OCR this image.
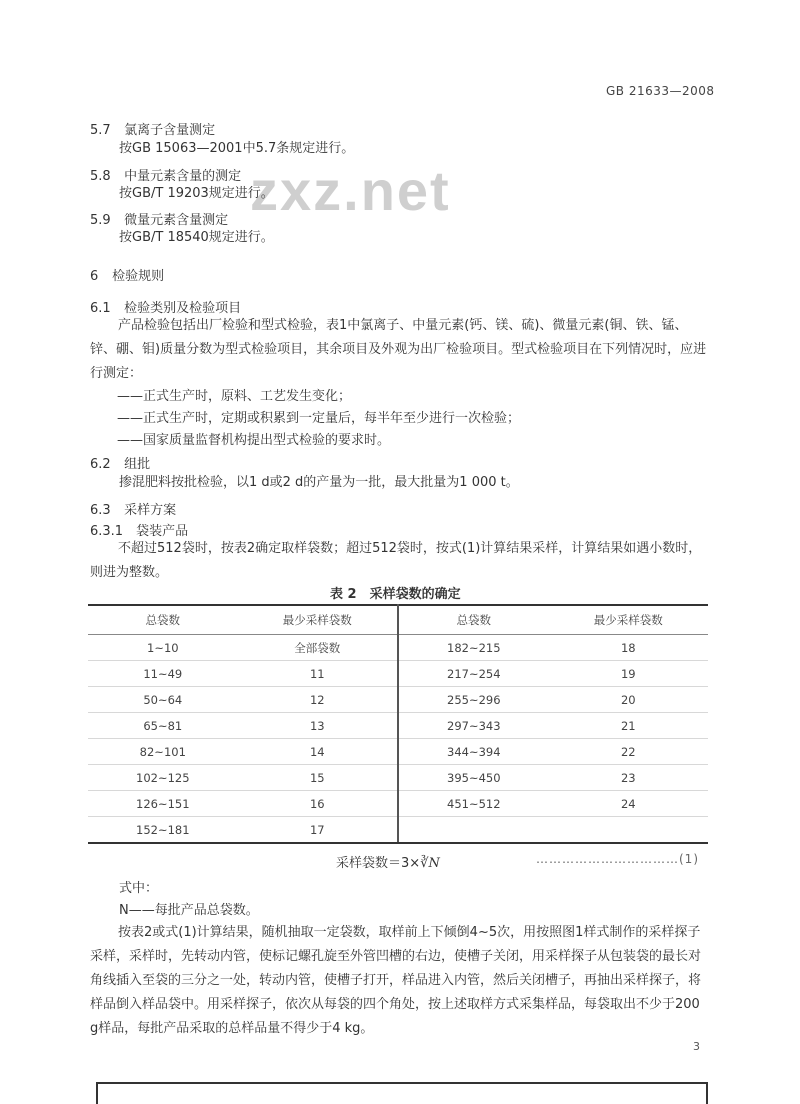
GB 21633—2008
zxz.net
5.7 氯离子含量测定
按GB 15063—2001中5.7条规定进行。
5.8 中量元素含量的测定
按GB/T 19203规定进行。
5.9 微量元素含量测定
按GB/T 18540规定进行。
6 检验规则
6.1 检验类别及检验项目
产品检验包括出厂检验和型式检验，表1中氯离子、中量元素(钙、镁、硫)、微量元素(铜、铁、锰、锌、硼、钼)质量分数为型式检验项目，其余项目及外观为出厂检验项目。型式检验项目在下列情况时，应进行测定：
——正式生产时，原料、工艺发生变化；
——正式生产时，定期或积累到一定量后，每半年至少进行一次检验；
——国家质量监督机构提出型式检验的要求时。
6.2 组批
掺混肥料按批检验，以1 d或2 d的产量为一批，最大批量为1 000 t。
6.3 采样方案
6.3.1 袋装产品
不超过512袋时，按表2确定取样袋数；超过512袋时，按式(1)计算结果采样，计算结果如遇小数时，则进为整数。
表 2　采样袋数的确定
总袋数	最少采样袋数	总袋数	最少采样袋数
1~10	全部袋数	182~215	18
11~49	11	217~254	19
50~64	12	255~296	20
65~81	13	297~343	21
82~101	14	344~394	22
102~125	15	395~450	23
126~151	16	451~512	24
152~181	17		
采样袋数＝3×∛N	……………………………(1)
式中：
N——每批产品总袋数。
按表2或式(1)计算结果，随机抽取一定袋数，取样前上下倾倒4~5次，用按照图1样式制作的采样探子采样，采样时，先转动内管，使标记螺孔旋至外管凹槽的右边，使槽子关闭，用采样探子从包装袋的最长对角线插入至袋的三分之一处，转动内管，使槽子打开，样品进入内管，然后关闭槽子，再抽出采样探子，将样品倒入样品袋中。用采样探子，依次从每袋的四个角处，按上述取样方式采集样品，每袋取出不少于200 g样品，每批产品采取的总样品量不得少于4 kg。
3
